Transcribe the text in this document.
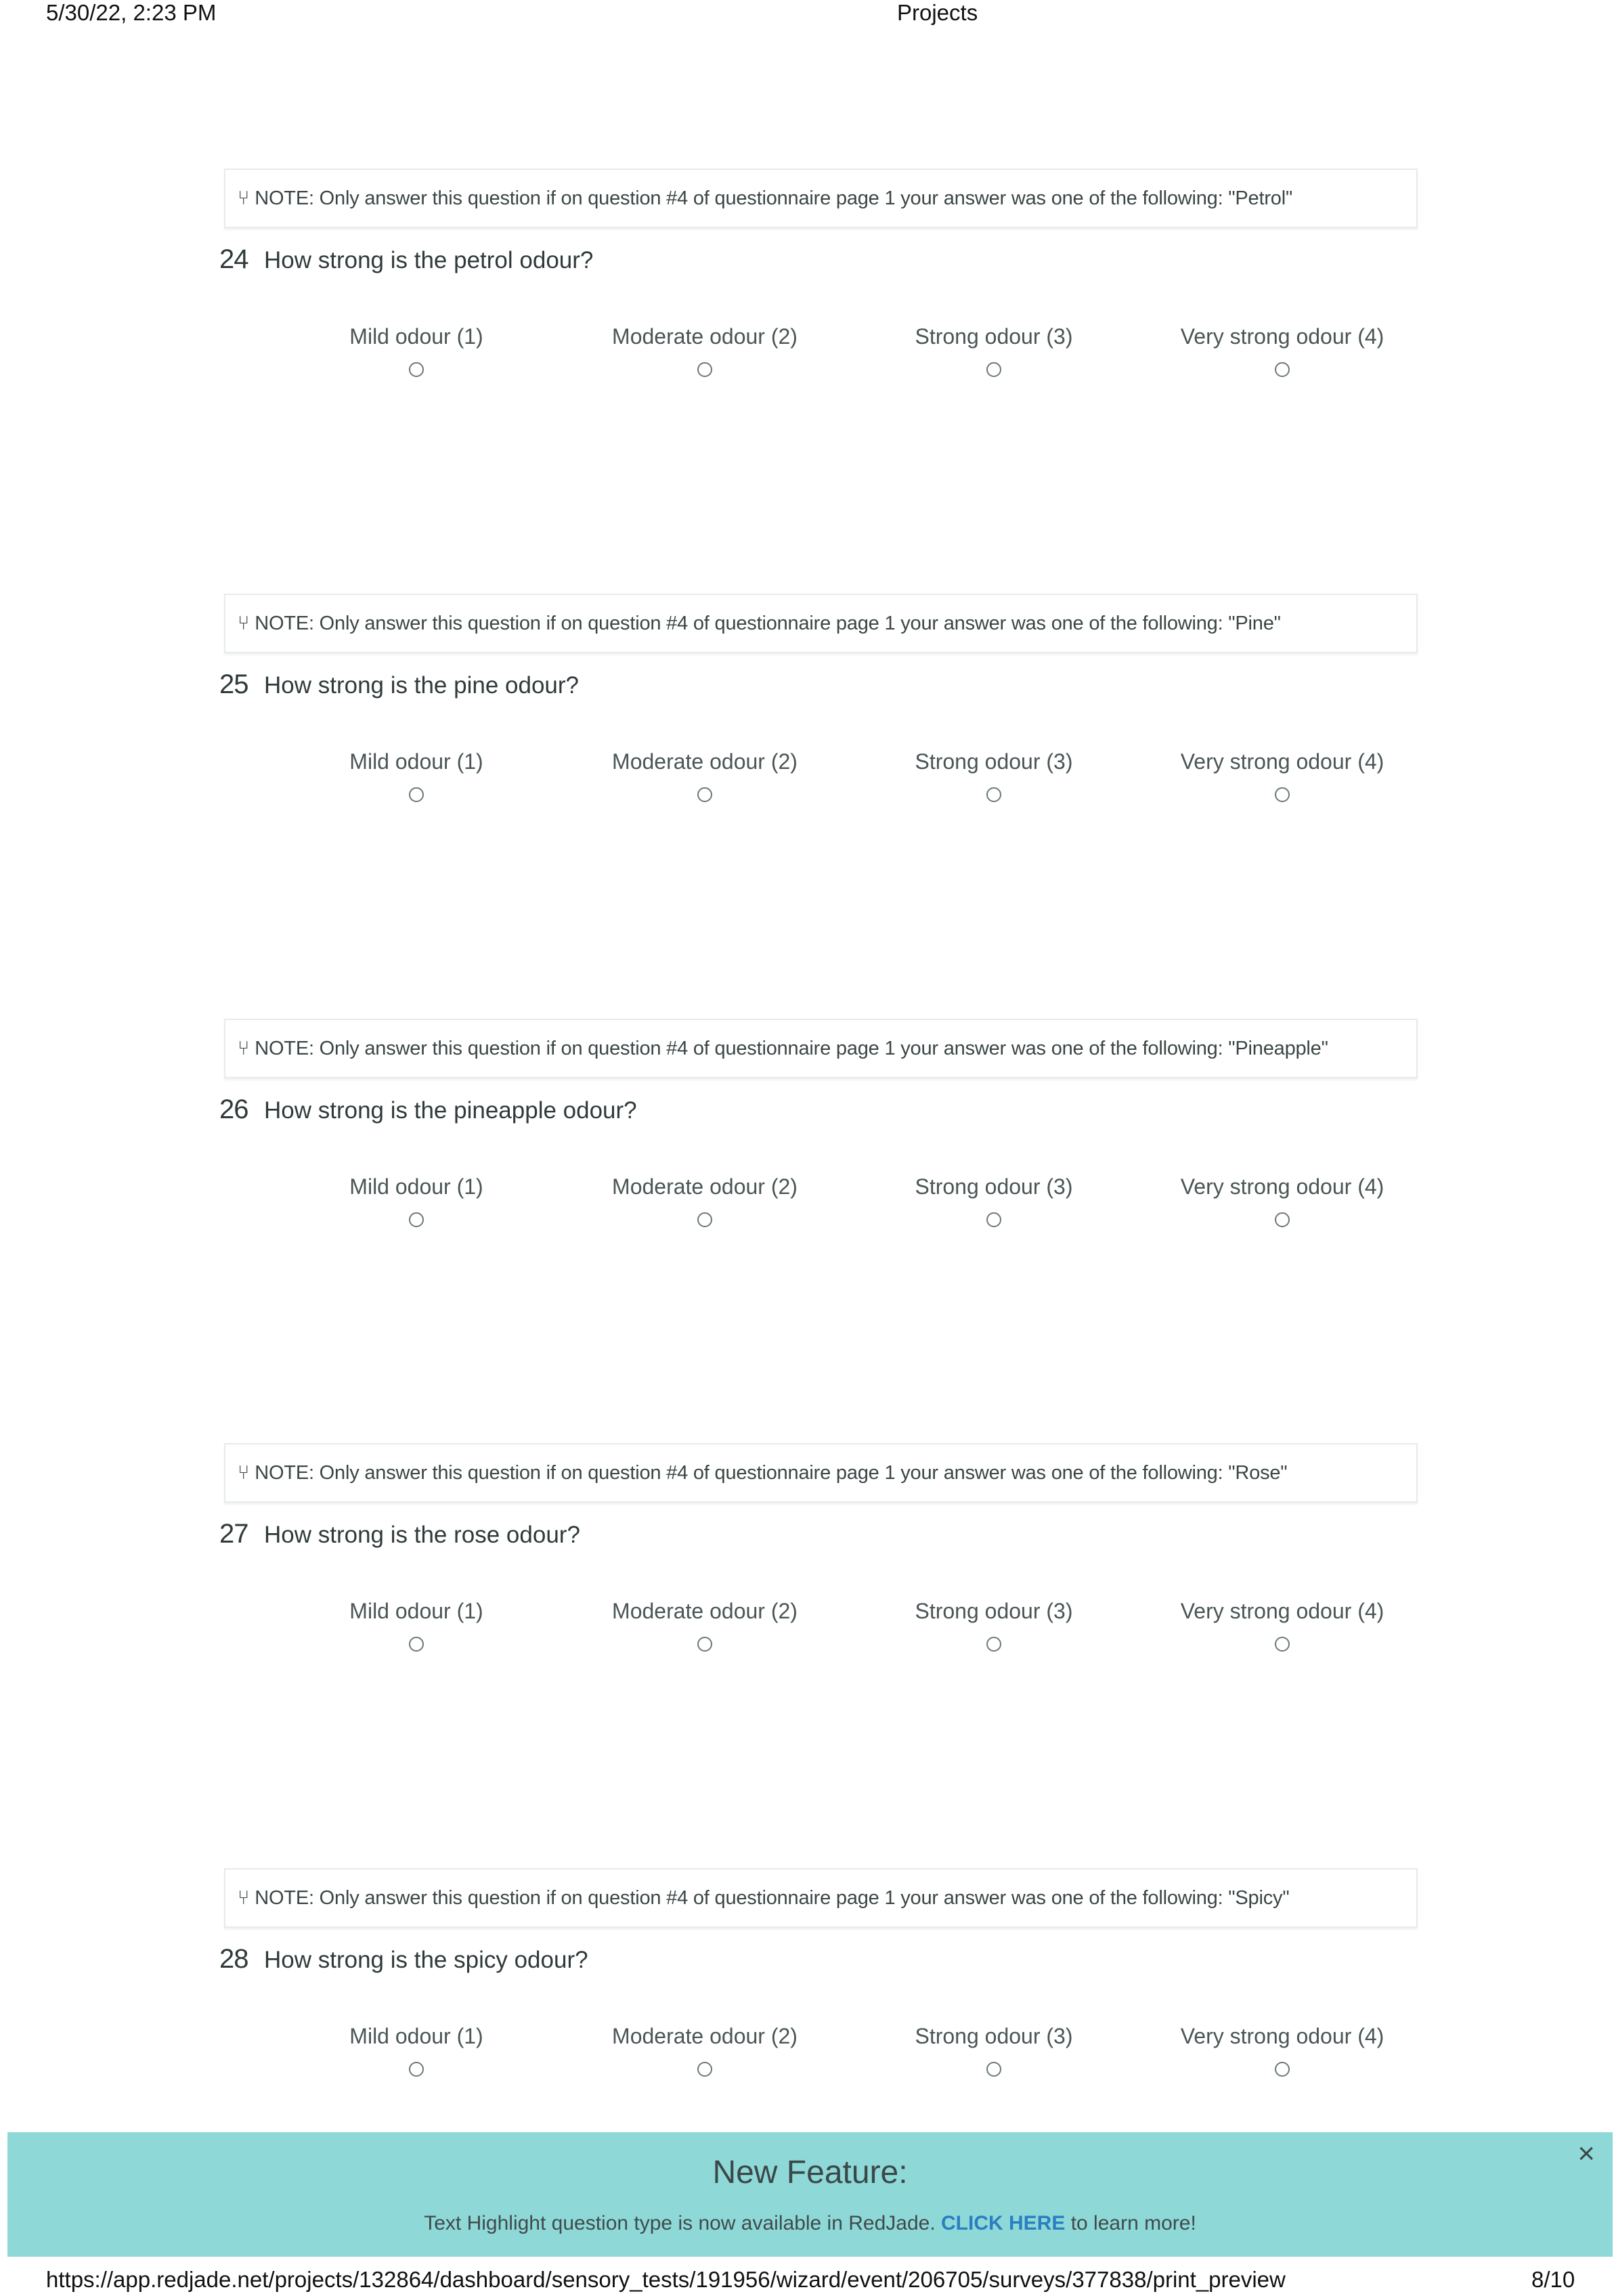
5/30/22, 2:23 PM	Projects
⑂ NOTE: Only answer this question if on question #4 of questionnaire page 1 your answer was one of the following: "Petrol"
24 How strong is the petrol odour?
Mild odour (1)	Moderate odour (2)	Strong odour (3)	Very strong odour (4)
⑂ NOTE: Only answer this question if on question #4 of questionnaire page 1 your answer was one of the following: "Pine"
25 How strong is the pine odour?
Mild odour (1)	Moderate odour (2)	Strong odour (3)	Very strong odour (4)
⑂ NOTE: Only answer this question if on question #4 of questionnaire page 1 your answer was one of the following: "Pineapple"
26 How strong is the pineapple odour?
Mild odour (1)	Moderate odour (2)	Strong odour (3)	Very strong odour (4)
⑂ NOTE: Only answer this question if on question #4 of questionnaire page 1 your answer was one of the following: "Rose"
27 How strong is the rose odour?
Mild odour (1)	Moderate odour (2)	Strong odour (3)	Very strong odour (4)
⑂ NOTE: Only answer this question if on question #4 of questionnaire page 1 your answer was one of the following: "Spicy"
28 How strong is the spicy odour?
Mild odour (1)	Moderate odour (2)	Strong odour (3)	Very strong odour (4)
New Feature:
Text Highlight question type is now available in RedJade. CLICK HERE to learn more!
×
https://app.redjade.net/projects/132864/dashboard/sensory_tests/191956/wizard/event/206705/surveys/377838/print_preview	8/10
